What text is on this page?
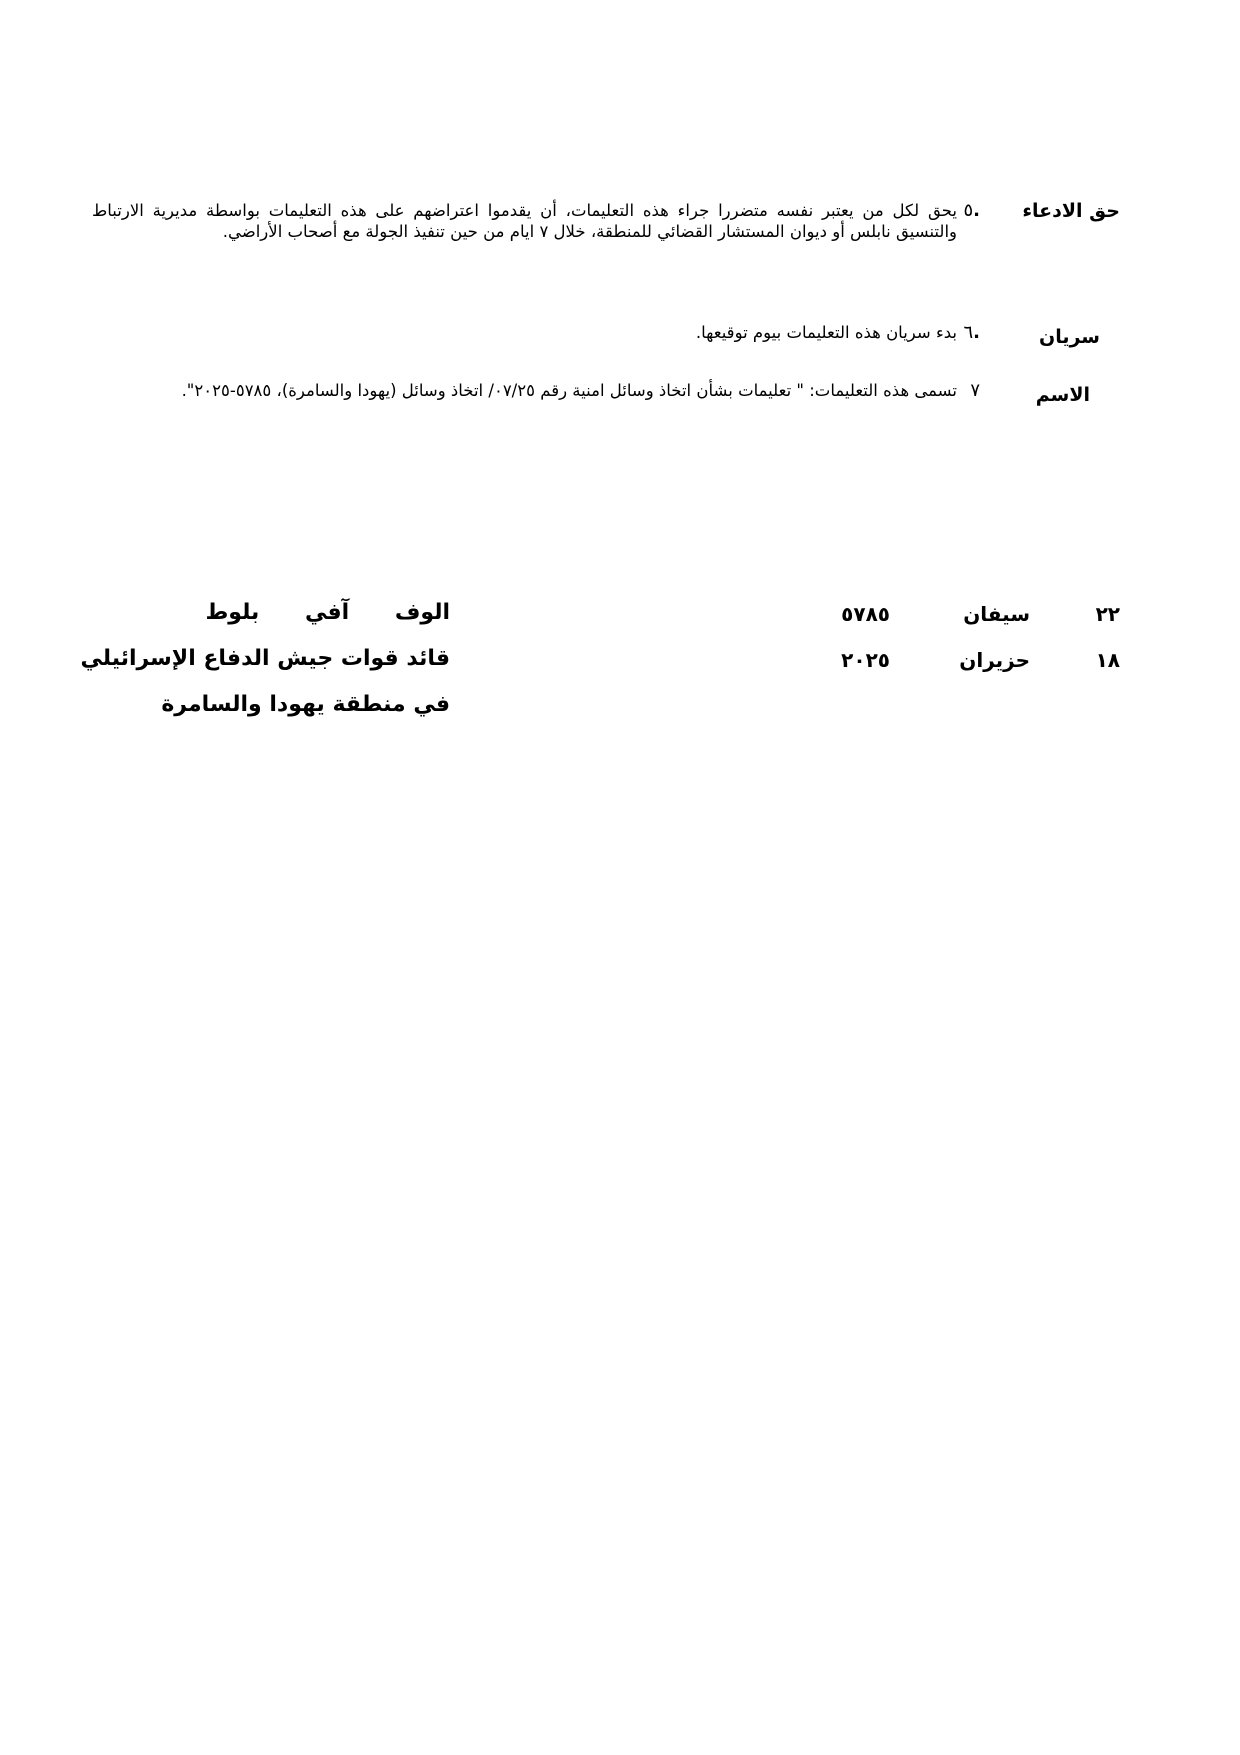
حق الادعاء
.٥
يحق لكل من يعتبر نفسه متضررا جراء هذه التعليمات، أن يقدموا اعتراضهم على هذه التعليمات بواسطة مديرية الارتباط والتنسيق نابلس أو ديوان المستشار القضائي للمنطقة، خلال ٧ ايام من حين تنفيذ الجولة مع أصحاب الأراضي.
سريان
.٦
بدء سريان هذه التعليمات بيوم توقيعها.
الاسم
٧
تسمى هذه التعليمات: " تعليمات بشأن اتخاذ وسائل امنية رقم ٠٧/٢٥/ اتخاذ وسائل (يهودا والسامرة)، ٥٧٨٥-٢٠٢٥".
٢٢
سيفان
٥٧٨٥
١٨
حزيران
٢٠٢٥
الوف آفي بلوط
قائد قوات جيش الدفاع الإسرائيلي
في منطقة يهودا والسامرة
